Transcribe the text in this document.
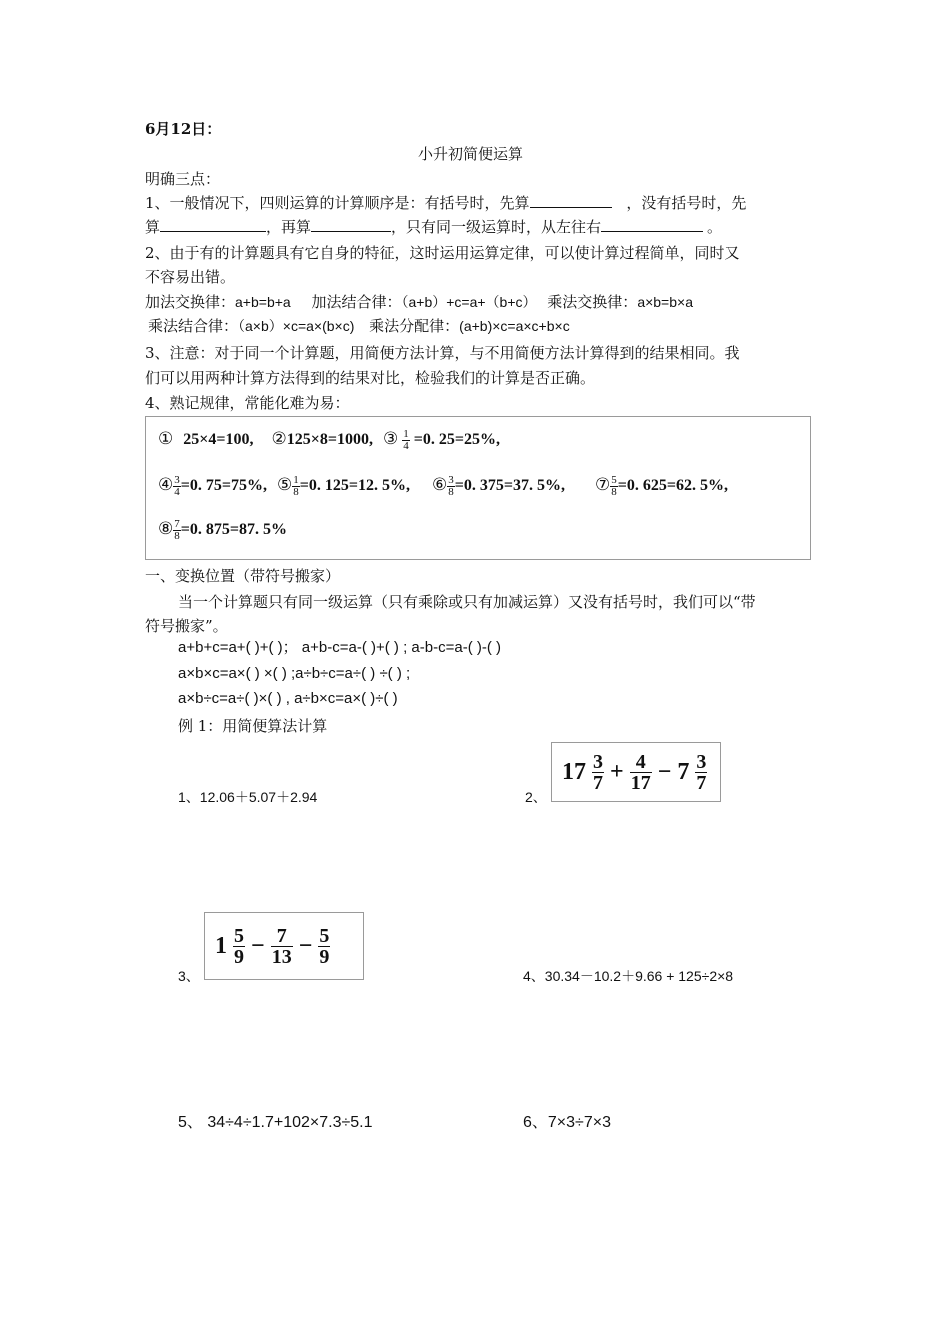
6月12日：
小升初简便运算
明确三点：
1、一般情况下，四则运算的计算顺序是：有括号时，先算	，没有括号时，先
算	，再算	，只有同一级运算时，从左往右	。
2、由于有的计算题具有它自身的特征，这时运用运算定律，可以使计算过程简单，同时又
不容易出错。
加法交换律：a+b=b+a 加法结合律：（a+b）+c=a+（b+c） 乘法交换律：a×b=b×a
乘法结合律：（a×b）×c=a×(b×c) 乘法分配律：(a+b)×c=a×c+b×c
3、注意：对于同一个计算题，用简便方法计算，与不用简便方法计算得到的结果相同。我
们可以用两种计算方法得到的结果对比，检验我们的计算是否正确。
4、熟记规律，常能化难为易：
① 25×4=100, ②125×8=1000, ③ $\frac{1}{4} =0$. 25=25%,
④ $\frac{3}{4} =0$. 75=75%, ⑤ $\frac{1}{8} =0$. 125=12. 5%, ⑥ $\frac{3}{8} =0$. 375=37. 5%, ⑦ $\frac{5}{8} =0$. 625=62. 5%,
⑧ $\frac{7}{8} =0$. 875=87. 5%
一、变换位置（带符号搬家）
当一个计算题只有同一级运算（只有乘除或只有加减运算）又没有括号时，我们可以“带
符号搬家”。
a+b+c=a+( )+( )； a+b-c=a-( )+( ) ; a-b-c=a-( )-( )
a×b×c=a×( ) ×( ) ;a÷b÷c=a÷( ) ÷( ) ;
a×b÷c=a÷( )×( ) , a÷b×c=a×( )÷( )
例 1：用简便算法计算
1、12.06＋5.07＋2.94	2、
$17 \frac{3}{7} + \frac{4}{17} - 7 \frac{3}{7}$
3、
$1 \frac{5}{9} - \frac{7}{13} - \frac{5}{9}$
4、30.34－10.2＋9.66 + 125÷2×8
5、 34÷4÷1.7+102×7.3÷5.1	6、7×3÷7×3
